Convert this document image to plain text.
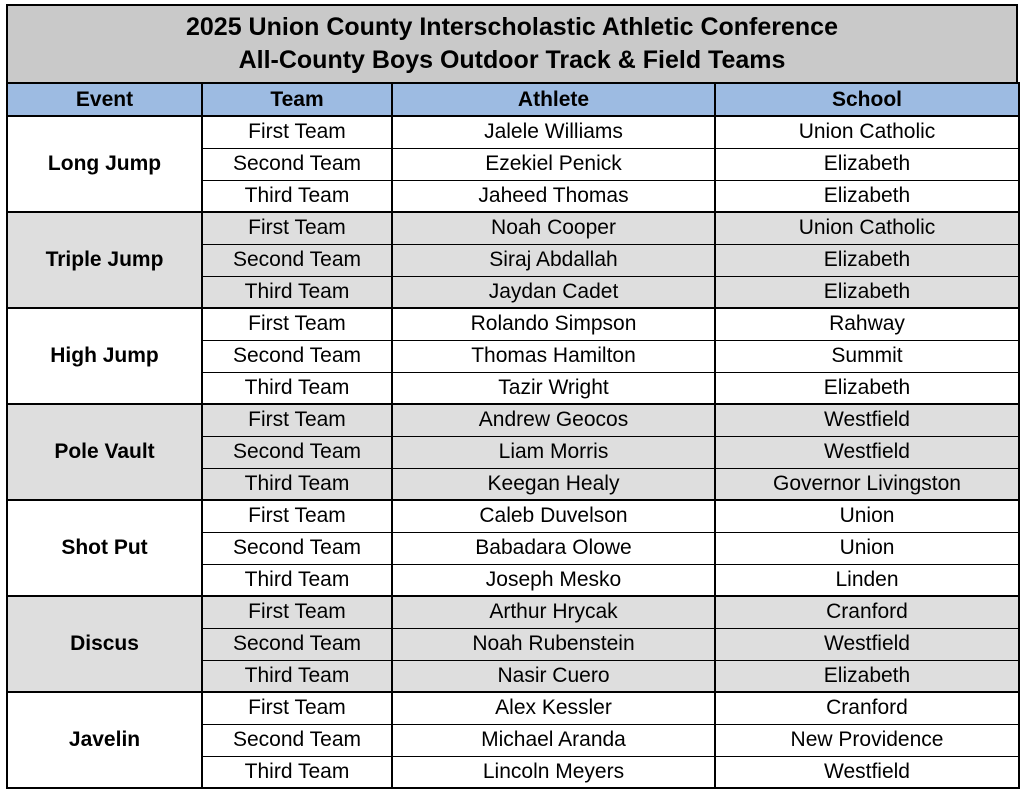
2025 Union County Interscholastic Athletic Conference
All-County Boys Outdoor Track & Field Teams
Event	Team	Athlete	School
Long Jump	First Team	Jalele Williams	Union Catholic
	Second Team	Ezekiel Penick	Elizabeth
	Third Team	Jaheed Thomas	Elizabeth
Triple Jump	First Team	Noah Cooper	Union Catholic
	Second Team	Siraj Abdallah	Elizabeth
	Third Team	Jaydan Cadet	Elizabeth
High Jump	First Team	Rolando Simpson	Rahway
	Second Team	Thomas Hamilton	Summit
	Third Team	Tazir Wright	Elizabeth
Pole Vault	First Team	Andrew Geocos	Westfield
	Second Team	Liam Morris	Westfield
	Third Team	Keegan Healy	Governor Livingston
Shot Put	First Team	Caleb Duvelson	Union
	Second Team	Babadara Olowe	Union
	Third Team	Joseph Mesko	Linden
Discus	First Team	Arthur Hrycak	Cranford
	Second Team	Noah Rubenstein	Westfield
	Third Team	Nasir Cuero	Elizabeth
Javelin	First Team	Alex Kessler	Cranford
	Second Team	Michael Aranda	New Providence
	Third Team	Lincoln Meyers	Westfield
